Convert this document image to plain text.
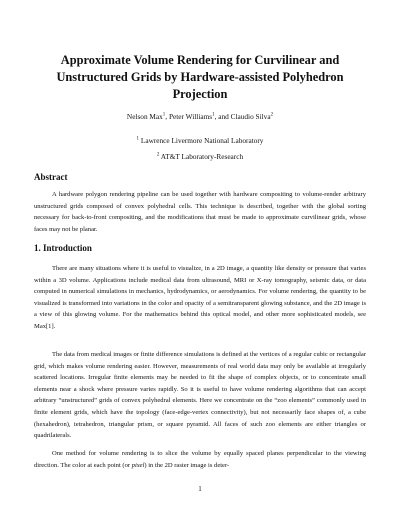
Approximate Volume Rendering for Curvilinear and Unstructured Grids by Hardware-assisted Polyhedron Projection
Nelson Max$^1$, Peter Williams$^1$, and Claudio Silva$^2$
$^1$ Lawrence Livermore National Laboratory
$^2$ AT&T Laboratory-Research
Abstract

A hardware polygon rendering pipeline can be used together with hardware compositing to volume-render arbitrary unstructured grids composed of convex polyhedral cells. This technique is described, together with the global sorting necessary for back-to-front compositing, and the modifications that must be made to approximate curvilinear grids, whose faces may not be planar.

1. Introduction

There are many situations where it is useful to visualize, in a 2D image, a quantity like density or pressure that varies within a 3D volume. Applications include medical data from ultrasound, MRI or X-ray tomography, seismic data, or data computed in numerical simulations in mechanics, hydrodynamics, or aerodynamics. For volume rendering, the quantity to be visualized is transformed into variations in the color and opacity of a semitransparent glowing substance, and the 2D image is a view of this glowing volume. For the mathematics behind this optical model, and other more sophisticated models, see Max[1].

The data from medical images or finite difference simulations is defined at the vertices of a regular cubic or rectangular grid, which makes volume rendering easier. However, measurements of real world data may only be available at irregularly scattered locations. Irregular finite elements may be needed to fit the shape of complex objects, or to concentrate small elements near a shock where pressure varies rapidly. So it is useful to have volume rendering algorithms that can accept arbitrary “unstructured” grids of convex polyhedral elements. Here we concentrate on the “zoo elements” commonly used in finite element grids, which have the topology (face-edge-vertex connectivity), but not necessarily face shapes of, a cube (hexahedron), tetrahedron, triangular prism, or square pyramid. All faces of such zoo elements are either triangles or quadrilaterals.

One method for volume rendering is to slice the volume by equally spaced planes perpendicular to the viewing direction. The color at each point (or pixel) in the 2D raster image is deter-

1
